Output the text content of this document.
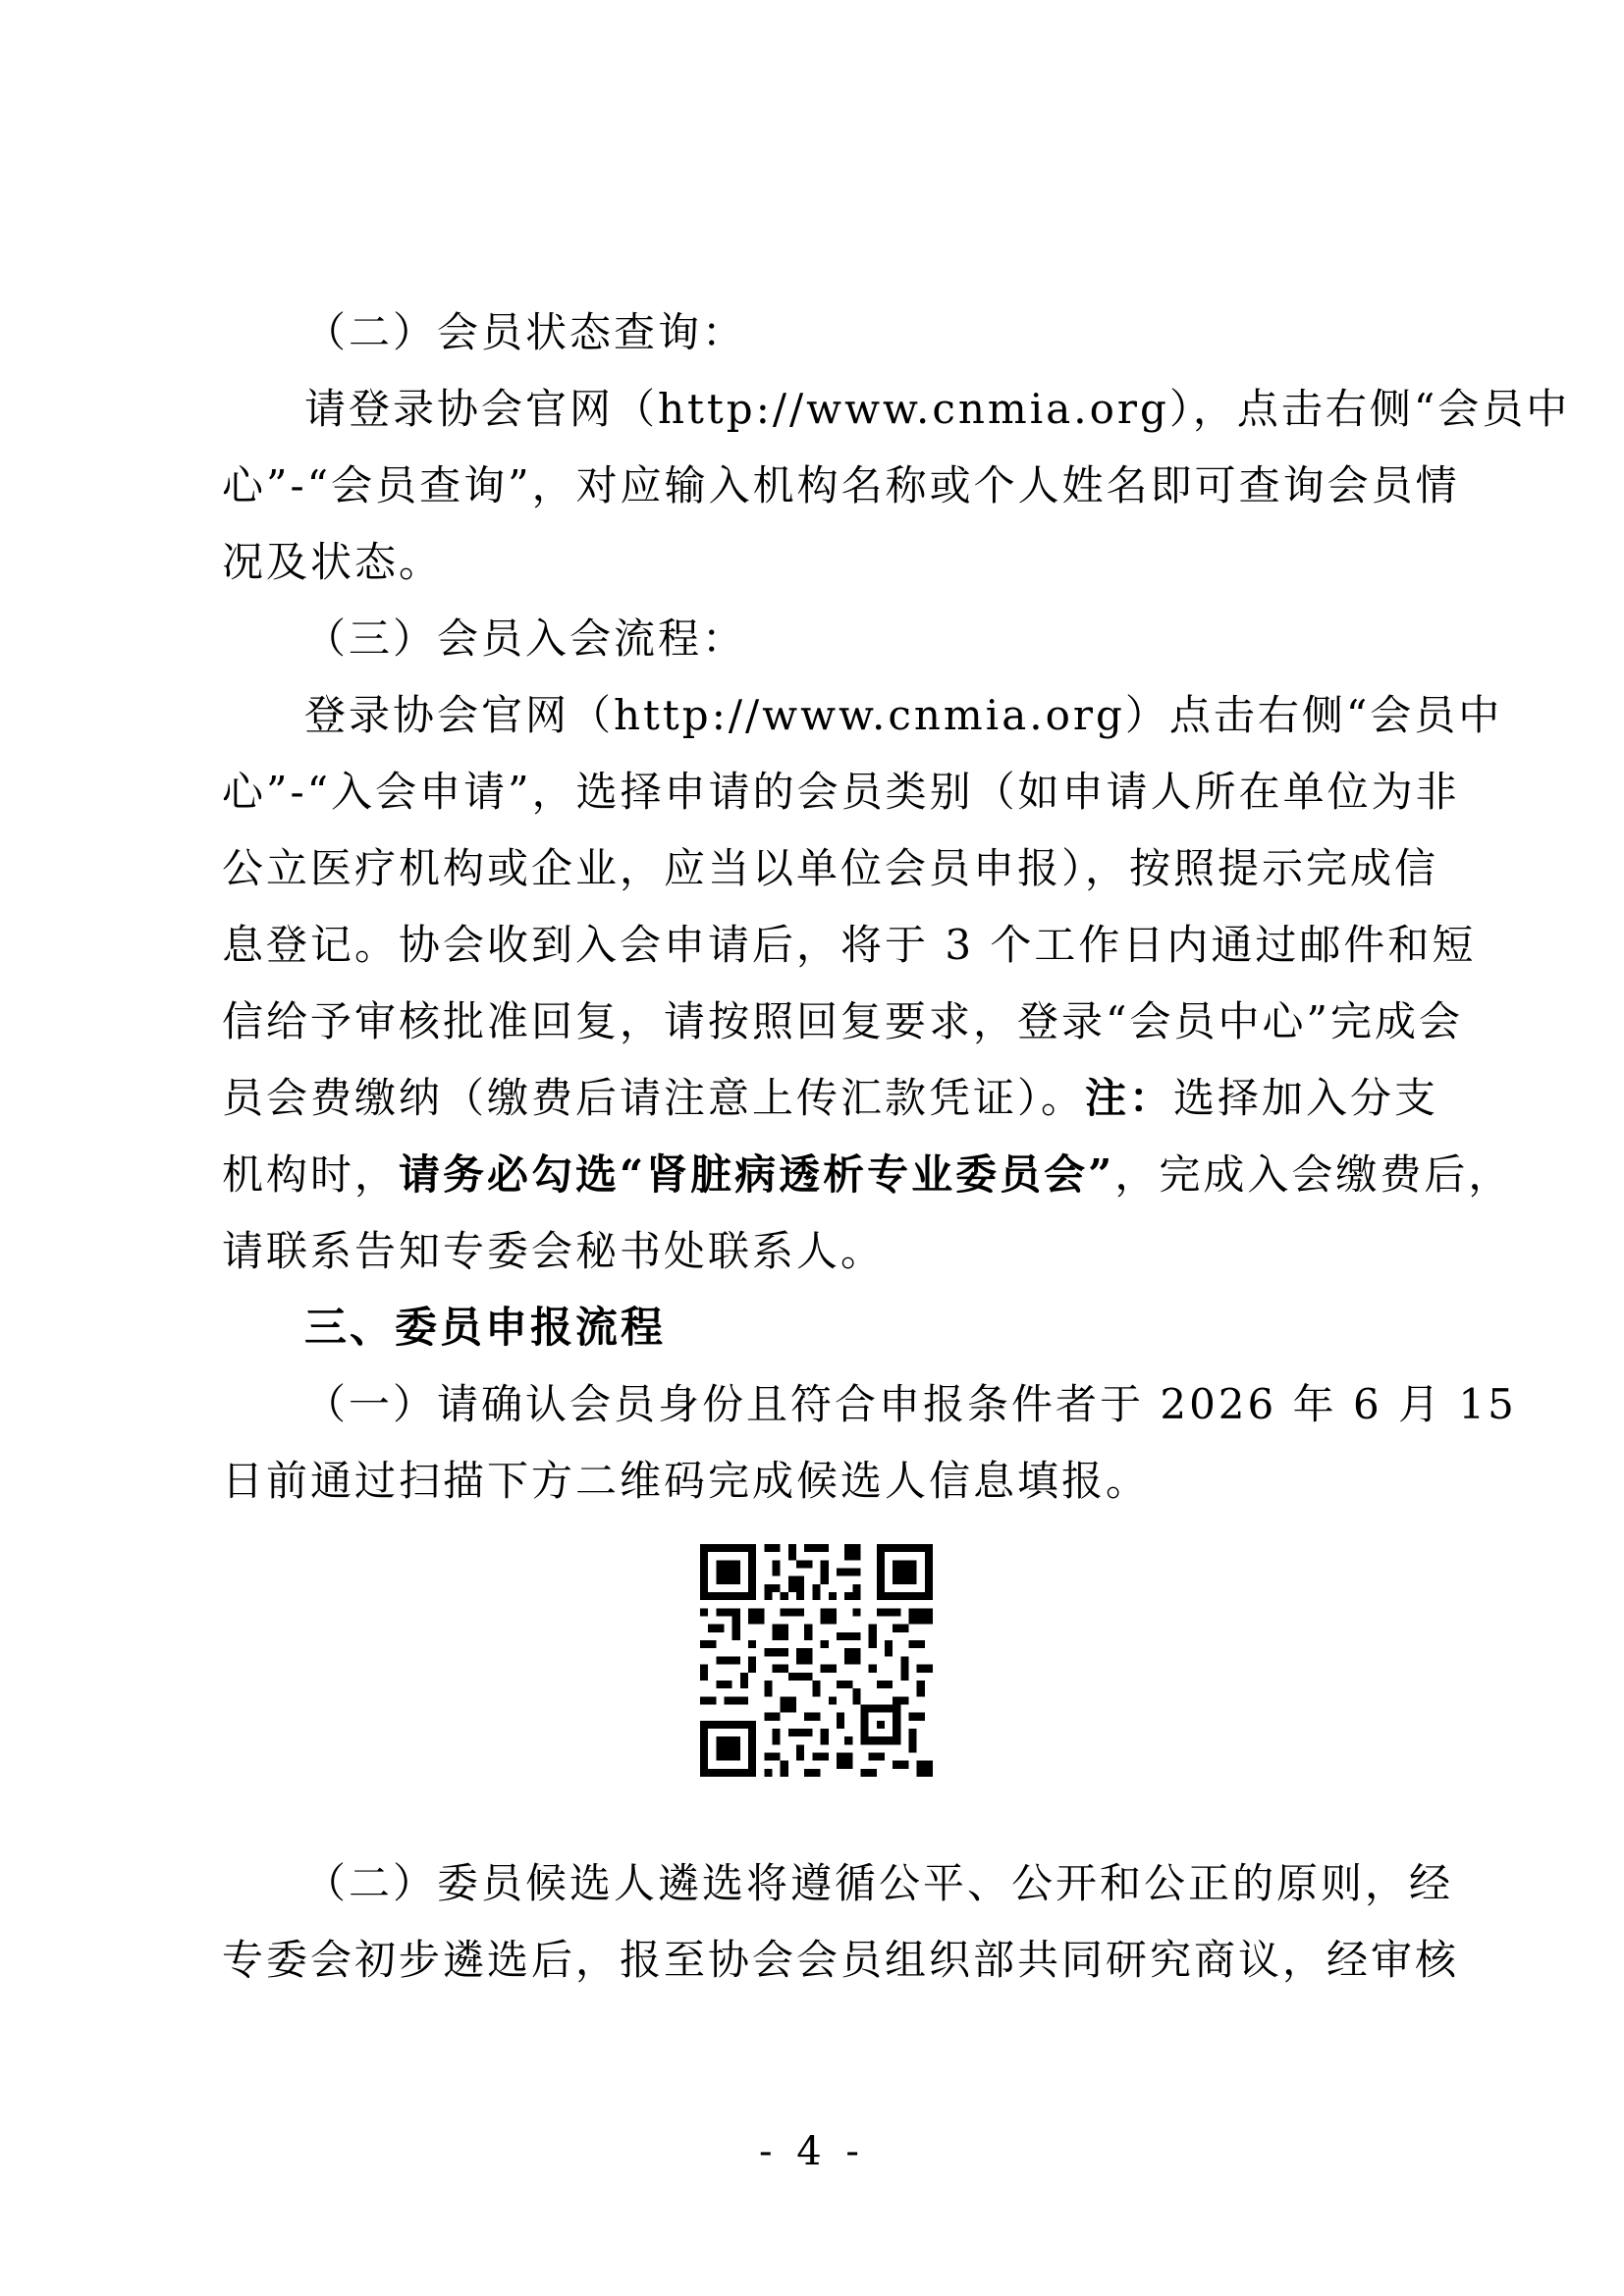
（二）会员状态查询：
请登录协会官网（http://www.cnmia.org），点击右侧“会员中
心”-“会员查询”，对应输入机构名称或个人姓名即可查询会员情
况及状态。
（三）会员入会流程：
登录协会官网（http://www.cnmia.org）点击右侧“会员中
心”-“入会申请”，选择申请的会员类别（如申请人所在单位为非
公立医疗机构或企业，应当以单位会员申报），按照提示完成信
息登记。协会收到入会申请后，将于 3 个工作日内通过邮件和短
信给予审核批准回复，请按照回复要求，登录“会员中心”完成会
员会费缴纳（缴费后请注意上传汇款凭证）。注：选择加入分支
机构时，请务必勾选“肾脏病透析专业委员会”，完成入会缴费后，
请联系告知专委会秘书处联系人。
三、委员申报流程
（一）请确认会员身份且符合申报条件者于 2026 年 6 月 15
日前通过扫描下方二维码完成候选人信息填报。
（二）委员候选人遴选将遵循公平、公开和公正的原则，经
专委会初步遴选后，报至协会会员组织部共同研究商议，经审核
- 4 -
